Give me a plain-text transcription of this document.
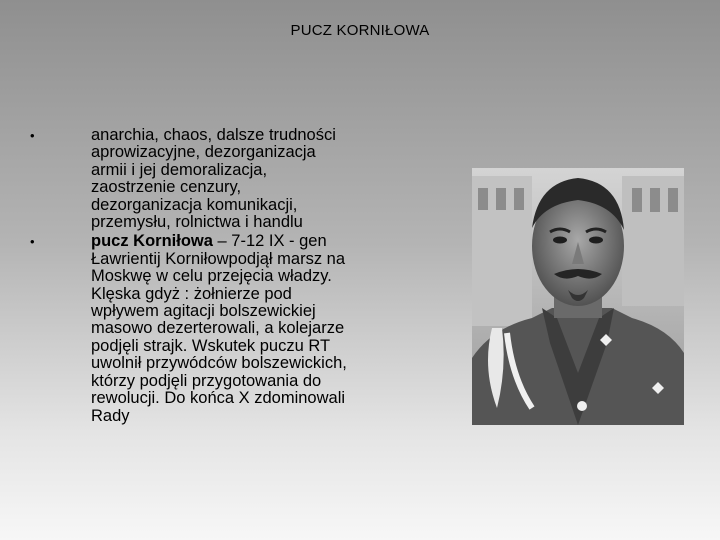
PUCZ KORNIŁOWA
•	anarchia, chaos, dalsze trudności aprowizacyjne, dezorganizacja armii i jej demoralizacja, zaostrzenie cenzury, dezorganizacja komunikacji, przemysłu, rolnictwa i handlu
•	pucz Korniłowa – 7-12 IX - gen Ławrientij Korniłowpodjął marsz na Moskwę w celu przejęcia władzy. Klęska gdyż : żołnierze pod wpływem agitacji bolszewickiej masowo dezerterowali, a kolejarze podjęli strajk. Wskutek puczu RT uwolnił przywódców bolszewickich, którzy podjęli przygotowania do rewolucji. Do końca X zdominowali Rady
